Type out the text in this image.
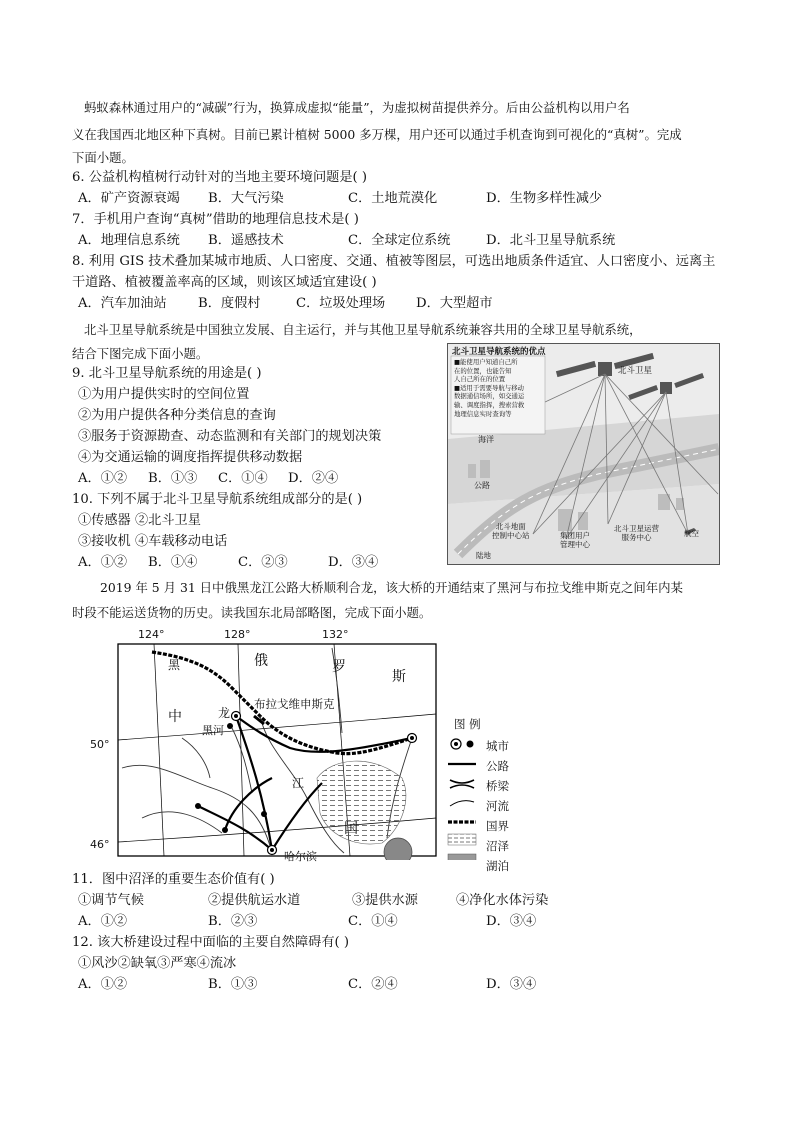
蚂蚁森林通过用户的“减碳”行为，换算成虚拟“能量”，为虚拟树苗提供养分。后由公益机构以用户名
义在我国西北地区种下真树。目前已累计植树 5000 多万棵，用户还可以通过手机查询到可视化的“真树”。完成
下面小题。
6. 公益机构植树行动针对的当地主要环境问题是( )
A．矿产资源衰竭 B．大气污染	C．土地荒漠化	D．生物多样性减少
7．手机用户查询“真树”借助的地理信息技术是( )
A．地理信息系统 B．遥感技术	C．全球定位系统	D．北斗卫星导航系统
8. 利用 GIS 技术叠加某城市地质、人口密度、交通、植被等图层，可选出地质条件适宜、人口密度小、远离主
干道路、植被覆盖率高的区域，则该区域适宜建设( )
A．汽车加油站 B．度假村	C．垃圾处理场 D．大型超市
北斗卫星导航系统是中国独立发展、自主运行，并与其他卫星导航系统兼容共用的全球卫星导航系统，
结合下图完成下面小题。
9. 北斗卫星导航系统的用途是( )
①为用户提供实时的空间位置
②为用户提供各种分类信息的查询
③服务于资源勘查、动态监测和有关部门的规划决策
④为交通运输的调度指挥提供移动数据
A．①② B．①③ C．①④ D．②④
10. 下列不属于北斗卫星导航系统组成部分的是( )
①传感器 ②北斗卫星
③接收机 ④车载移动电话
A．①② B．①④	C．②③	D．③④
北斗卫星导航系统的优点
■能使用户知道自己所
在的位置，也能告知
人自己所在的位置
■适用于需要导航与移动
数据通信场所，如交通运
输、调度指挥，搜索营救
地理信息实时查询等
北斗卫星
海洋
公路
北斗地面
控制中心站	集团用户
管理中心
北斗卫星运营
服务中心
陆地
航空
2019 年 5 月 31 日中俄黑龙江公路大桥顺利合龙，该大桥的开通结束了黑河与布拉戈维申斯克之间年内某
时段不能运送货物的历史。读我国东北局部略图，完成下面小题。
124°	128°	132°
50°
46°
黑	俄	罗
斯
中	龙
江
国
黑河
布拉戈维申斯克
哈尔滨
图 例
城市
公路
桥梁
河流
国界
沼泽
湖泊
11．图中沼泽的重要生态价值有( )
①调节气候	②提供航运水道	③提供水源	④净化水体污染
A．①②	B．②③	C．①④	D．③④
12. 该大桥建设过程中面临的主要自然障碍有( )
①风沙②缺氧③严寒④流冰
A．①②	B．①③	C．②④	D．③④
